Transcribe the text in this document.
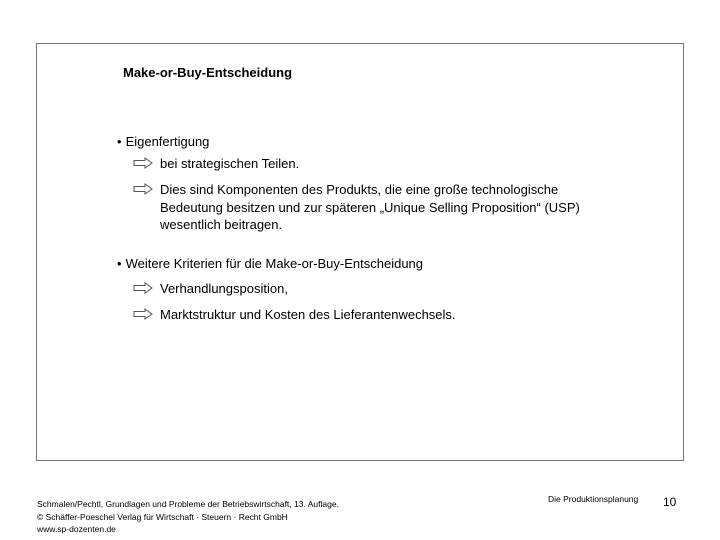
Make-or-Buy-Entscheidung
• Eigenfertigung
bei strategischen Teilen.
Dies sind Komponenten des Produkts, die eine große technologische Bedeutung besitzen und zur späteren „Unique Selling Proposition“ (USP) wesentlich beitragen.
• Weitere Kriterien für die Make-or-Buy-Entscheidung
Verhandlungsposition,
Marktstruktur und Kosten des Lieferantenwechsels.
Schmalen/Pechtl, Grundlagen und Probleme der Betriebswirtschaft, 13. Auflage.
© Schäffer-Poeschel Verlag für Wirtschaft · Steuern · Recht GmbH
www.sp-dozenten.de
Die Produktionsplanung 10
